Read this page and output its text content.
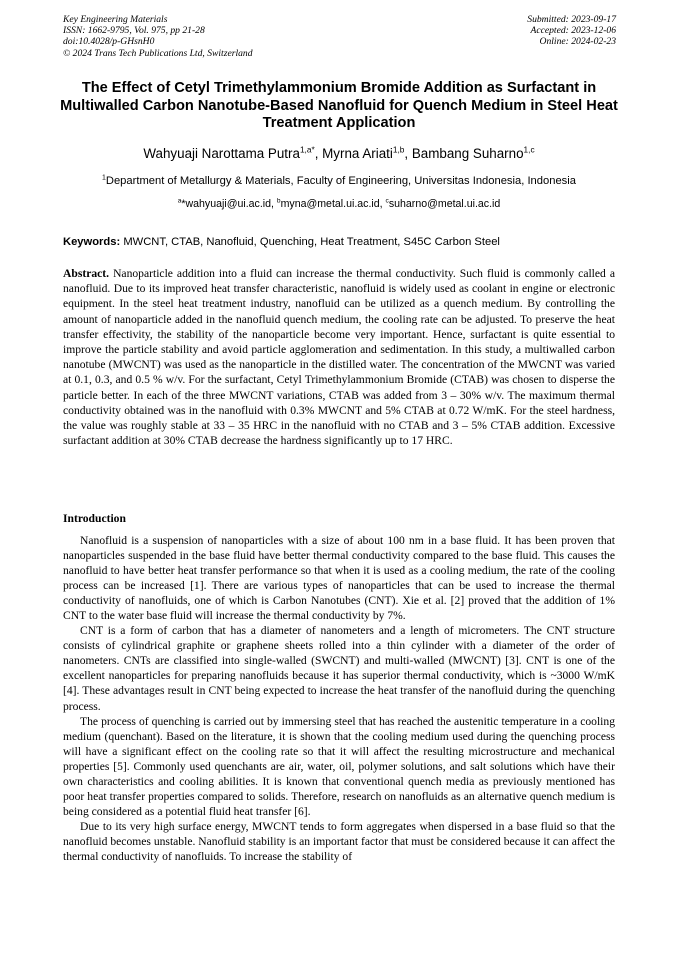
Key Engineering Materials
ISSN: 1662-9795, Vol. 975, pp 21-28
doi:10.4028/p-GHsnH0
© 2024 Trans Tech Publications Ltd, Switzerland
Submitted: 2023-09-17
Accepted: 2023-12-06
Online: 2024-02-23
The Effect of Cetyl Trimethylammonium Bromide Addition as Surfactant in Multiwalled Carbon Nanotube-Based Nanofluid for Quench Medium in Steel Heat Treatment Application
Wahyuaji Narottama Putra$^{1,a*}$, Myrna Ariati$^{1,b}$, Bambang Suharno$^{1,c}$
$^1$Department of Metallurgy & Materials, Faculty of Engineering, Universitas Indonesia, Indonesia
$^a$*wahyuaji@ui.ac.id, $^b$myna@metal.ui.ac.id, $^c$suharno@metal.ui.ac.id
Keywords: MWCNT, CTAB, Nanofluid, Quenching, Heat Treatment, S45C Carbon Steel

Abstract. Nanoparticle addition into a fluid can increase the thermal conductivity. Such fluid is commonly called a nanofluid. Due to its improved heat transfer characteristic, nanofluid is widely used as coolant in engine or electronic equipment. In the steel heat treatment industry, nanofluid can be utilized as a quench medium. By controlling the amount of nanoparticle added in the nanofluid quench medium, the cooling rate can be adjusted. To preserve the heat transfer effectivity, the stability of the nanoparticle become very important. Hence, surfactant is quite essential to improve the particle stability and avoid particle agglomeration and sedimentation. In this study, a multiwalled carbon nanotube (MWCNT) was used as the nanoparticle in the distilled water. The concentration of the MWCNT was varied at 0.1, 0.3, and 0.5 % w/v. For the surfactant, Cetyl Trimethylammonium Bromide (CTAB) was chosen to disperse the particle better. In each of the three MWCNT variations, CTAB was added from 3 – 30% w/v. The maximum thermal conductivity obtained was in the nanofluid with 0.3% MWCNT and 5% CTAB at 0.72 W/mK. For the steel hardness, the value was roughly stable at 33 – 35 HRC in the nanofluid with no CTAB and 3 – 5% CTAB addition. Excessive surfactant addition at 30% CTAB decrease the hardness significantly up to 17 HRC.

Introduction

Nanofluid is a suspension of nanoparticles with a size of about 100 nm in a base fluid. It has been proven that nanoparticles suspended in the base fluid have better thermal conductivity compared to the base fluid. This causes the nanofluid to have better heat transfer performance so that when it is used as a cooling medium, the rate of the cooling process can be increased [1]. There are various types of nanoparticles that can be used to increase the thermal conductivity of nanofluids, one of which is Carbon Nanotubes (CNT). Xie et al. [2] proved that the addition of 1% CNT to the water base fluid will increase the thermal conductivity by 7%.

CNT is a form of carbon that has a diameter of nanometers and a length of micrometers. The CNT structure consists of cylindrical graphite or graphene sheets rolled into a thin cylinder with a diameter of the order of nanometers. CNTs are classified into single-walled (SWCNT) and multi-walled (MWCNT) [3]. CNT is one of the excellent nanoparticles for preparing nanofluids because it has superior thermal conductivity, which is ~3000 W/mK [4]. These advantages result in CNT being expected to increase the heat transfer of the nanofluid during the quenching process.

The process of quenching is carried out by immersing steel that has reached the austenitic temperature in a cooling medium (quenchant). Based on the literature, it is shown that the cooling medium used during the quenching process will have a significant effect on the cooling rate so that it will affect the resulting microstructure and mechanical properties [5]. Commonly used quenchants are air, water, oil, polymer solutions, and salt solutions which have their own characteristics and cooling abilities. It is known that conventional quench media as previously mentioned has poor heat transfer properties compared to solids. Therefore, research on nanofluids as an alternative quench medium is being considered as a potential fluid heat transfer [6].

Due to its very high surface energy, MWCNT tends to form aggregates when dispersed in a base fluid so that the nanofluid becomes unstable. Nanofluid stability is an important factor that must be considered because it can affect the thermal conductivity of nanofluids. To increase the stability of
